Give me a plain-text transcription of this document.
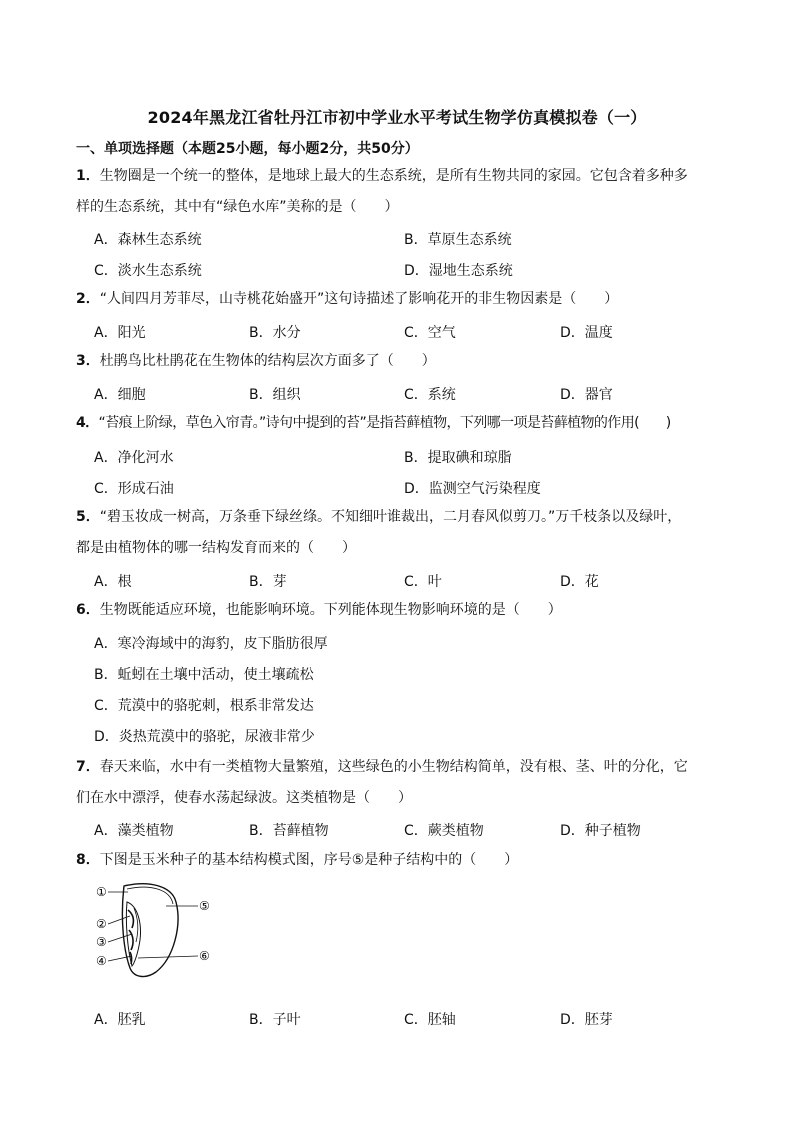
2024年黑龙江省牡丹江市初中学业水平考试生物学仿真模拟卷（一）
一、单项选择题（本题25小题，每小题2分，共50分）
1．生物圈是一个统一的整体，是地球上最大的生态系统，是所有生物共同的家园。它包含着多种多
样的生态系统，其中有“绿色水库”美称的是（　　）
A．森林生态系统	B．草原生态系统
C．淡水生态系统	D．湿地生态系统
2．“人间四月芳菲尽，山寺桃花始盛开”这句诗描述了影响花开的非生物因素是（　　）
A．阳光	B．水分	C．空气	D．温度
3．杜鹃鸟比杜鹃花在生物体的结构层次方面多了（　　）
A．细胞	B．组织	C．系统	D．器官
4．“苔痕上阶绿，草色入帘青。”诗句中提到的苔”是指苔藓植物，下列哪一项是苔藓植物的作用(　　)
A．净化河水	B．提取碘和琼脂
C．形成石油	D．监测空气污染程度
5．“碧玉妆成一树高，万条垂下绿丝绦。不知细叶谁裁出，二月春风似剪刀。”万千枝条以及绿叶，
都是由植物体的哪一结构发育而来的（　　）
A．根	B．芽	C．叶	D．花
6．生物既能适应环境，也能影响环境。下列能体现生物影响环境的是（　　）
A．寒冷海域中的海豹，皮下脂肪很厚
B．蚯蚓在土壤中活动，使土壤疏松
C．荒漠中的骆驼刺，根系非常发达
D．炎热荒漠中的骆驼，尿液非常少
7．春天来临，水中有一类植物大量繁殖，这些绿色的小生物结构简单，没有根、茎、叶的分化，它
们在水中漂浮，使春水荡起绿波。这类植物是（　　）
A．藻类植物	B．苔藓植物	C．蕨类植物	D．种子植物
8．下图是玉米种子的基本结构模式图，序号⑤是种子结构中的（　　）
①
②
③
④
⑤
⑥
A．胚乳	B．子叶	C．胚轴	D．胚芽
